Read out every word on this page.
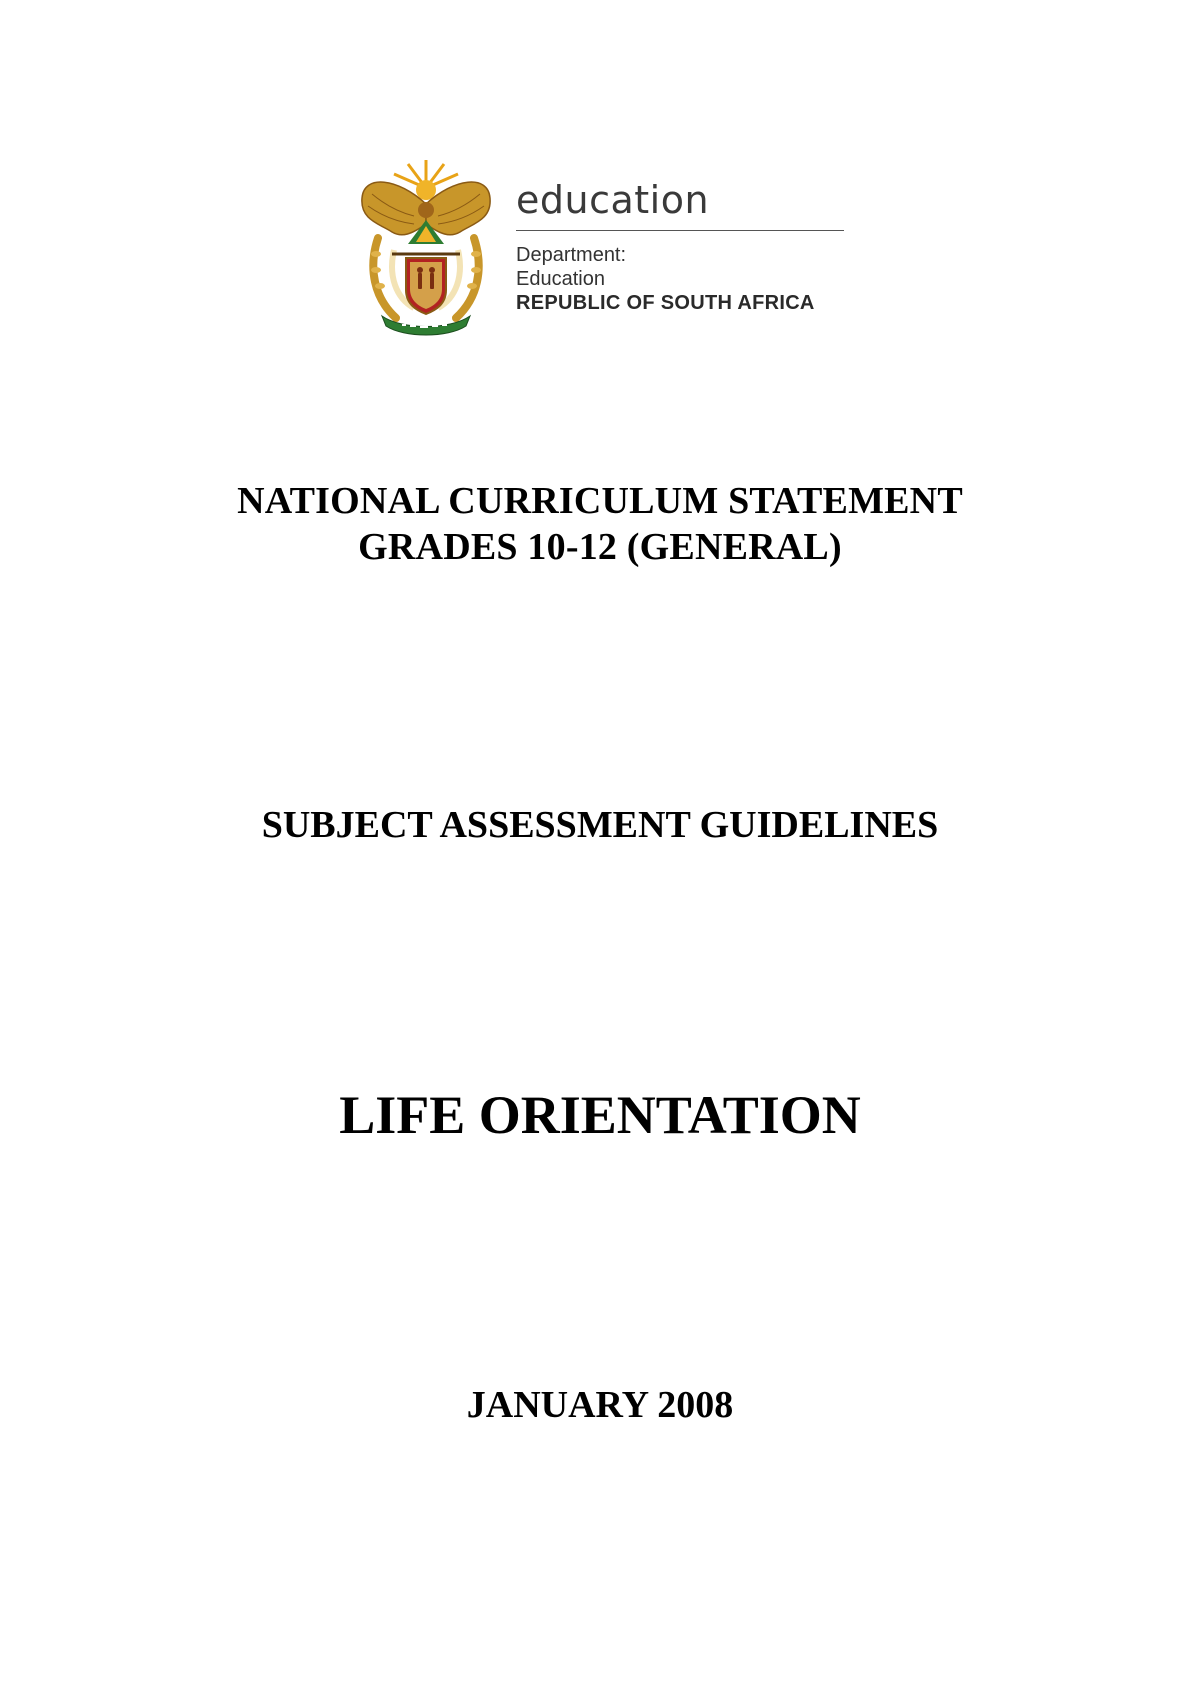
education
Department:
Education
REPUBLIC OF SOUTH AFRICA
NATIONAL CURRICULUM STATEMENT
GRADES 10-12 (GENERAL)
SUBJECT ASSESSMENT GUIDELINES
LIFE ORIENTATION
JANUARY 2008
